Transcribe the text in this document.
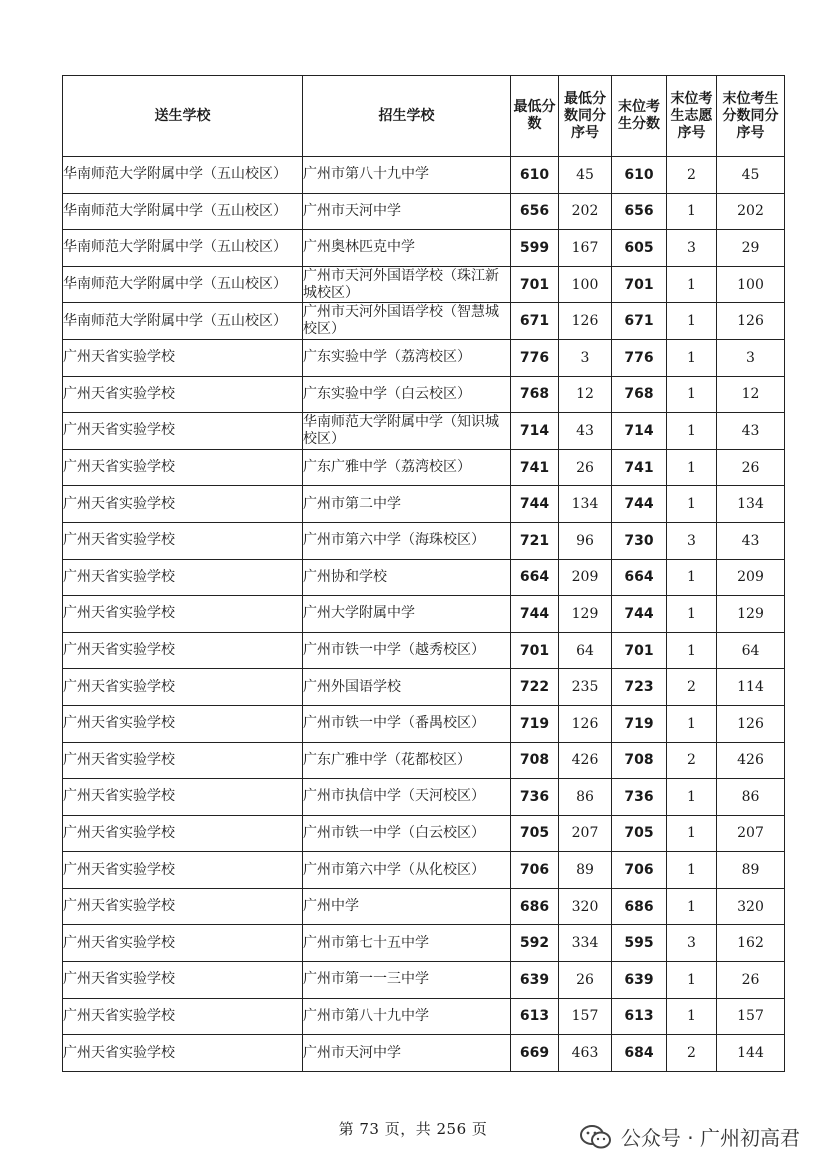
送生学校	招生学校	最低分数	最低分数同分序号	末位考生分数	末位考生志愿序号	末位考生分数同分序号
华南师范大学附属中学（五山校区）	广州市第八十九中学	610	45	610	2	45
华南师范大学附属中学（五山校区）	广州市天河中学	656	202	656	1	202
华南师范大学附属中学（五山校区）	广州奥林匹克中学	599	167	605	3	29
华南师范大学附属中学（五山校区）	广州市天河外国语学校（珠江新城校区）	701	100	701	1	100
华南师范大学附属中学（五山校区）	广州市天河外国语学校（智慧城校区）	671	126	671	1	126
广州天省实验学校	广东实验中学（荔湾校区）	776	3	776	1	3
广州天省实验学校	广东实验中学（白云校区）	768	12	768	1	12
广州天省实验学校	华南师范大学附属中学（知识城校区）	714	43	714	1	43
广州天省实验学校	广东广雅中学（荔湾校区）	741	26	741	1	26
广州天省实验学校	广州市第二中学	744	134	744	1	134
广州天省实验学校	广州市第六中学（海珠校区）	721	96	730	3	43
广州天省实验学校	广州协和学校	664	209	664	1	209
广州天省实验学校	广州大学附属中学	744	129	744	1	129
广州天省实验学校	广州市铁一中学（越秀校区）	701	64	701	1	64
广州天省实验学校	广州外国语学校	722	235	723	2	114
广州天省实验学校	广州市铁一中学（番禺校区）	719	126	719	1	126
广州天省实验学校	广东广雅中学（花都校区）	708	426	708	2	426
广州天省实验学校	广州市执信中学（天河校区）	736	86	736	1	86
广州天省实验学校	广州市铁一中学（白云校区）	705	207	705	1	207
广州天省实验学校	广州市第六中学（从化校区）	706	89	706	1	89
广州天省实验学校	广州中学	686	320	686	1	320
广州天省实验学校	广州市第七十五中学	592	334	595	3	162
广州天省实验学校	广州市第一一三中学	639	26	639	1	26
广州天省实验学校	广州市第八十九中学	613	157	613	1	157
广州天省实验学校	广州市天河中学	669	463	684	2	144
第 73 页，共 256 页	公众号 · 广州初高君
